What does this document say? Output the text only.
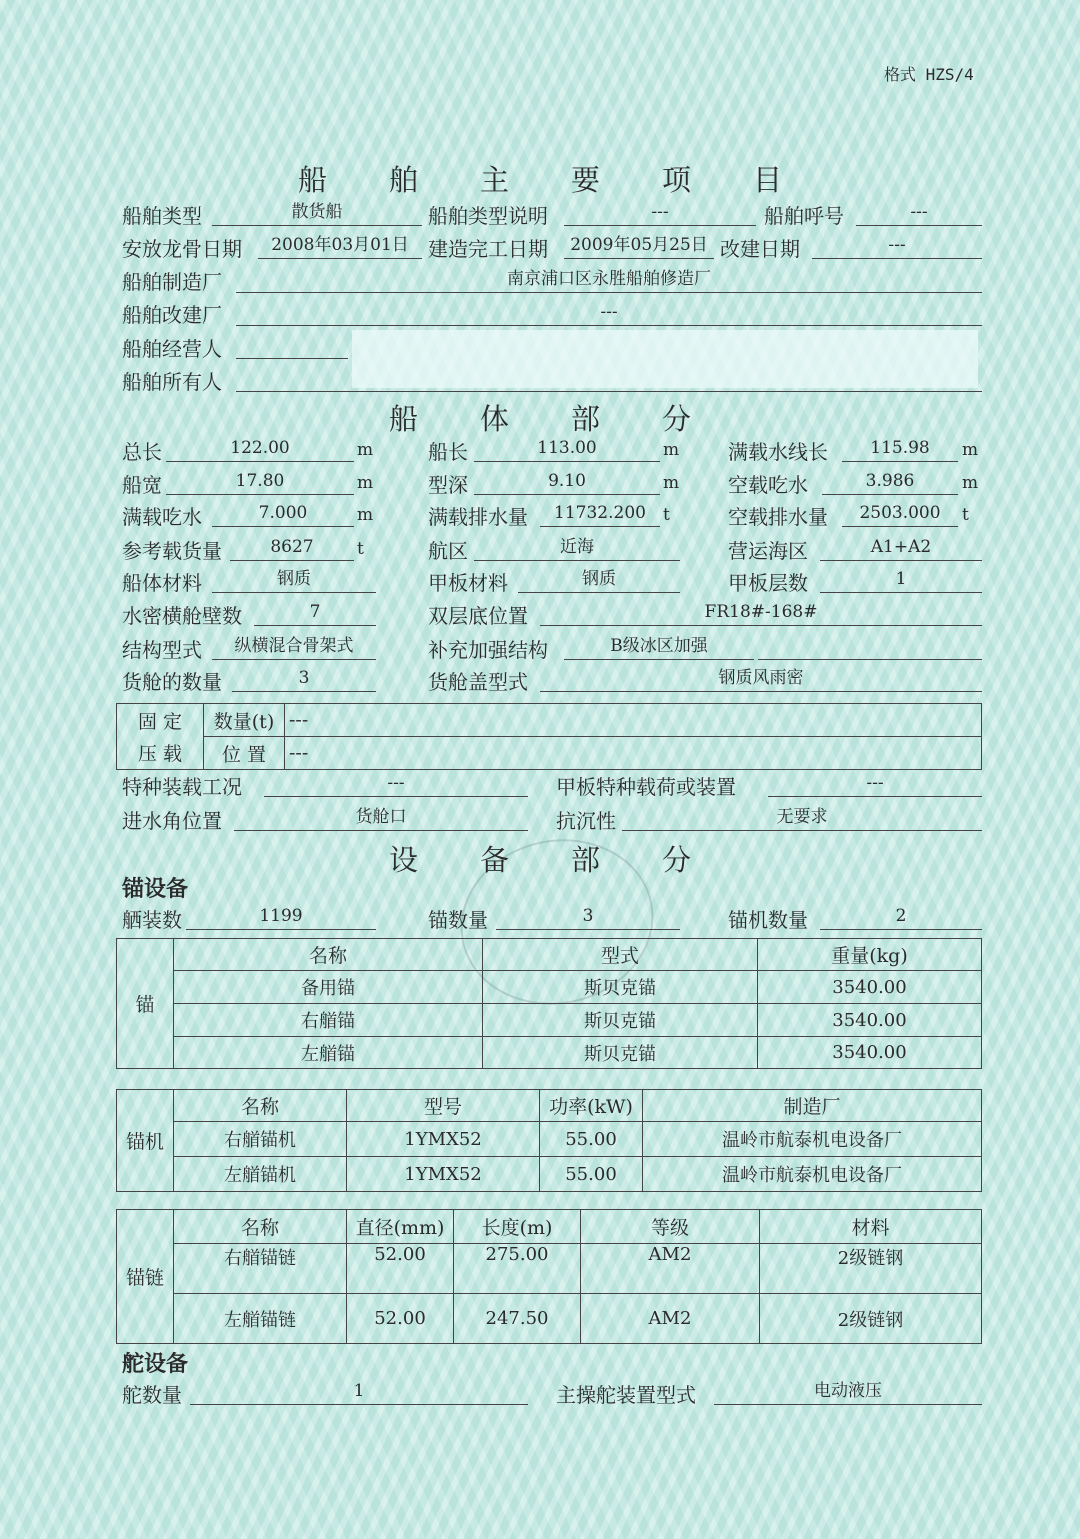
格式 HZS/4
船舶主要项目
船舶类型	散货船	船舶类型说明	---	船舶呼号	---
安放龙骨日期	2008年03月01日 建造完工日期	2009年05月25日 改建日期	---
船舶制造厂	南京浦口区永胜船舶修造厂
船舶改建厂	---
船舶经营人
船舶所有人
船体部分
总长	122.00	m	船长	113.00	m 满载水线长	115.98	m
船宽	17.80	m	型深	9.10	m 空载吃水	3.986	m
满载吃水	7.000	m	满载排水量	11732.200	t	空载排水量	2503.000	t
参考载货量	8627	t	航区	近海	营运海区	A1+A2
船体材料	钢质	甲板材料	钢质	甲板层数	1
水密横舱壁数	7	双层底位置	FR18#-168#
结构型式	纵横混合骨架式	补充加强结构	B级冰区加强
货舱的数量	3	货舱盖型式	钢质风雨密
固 定	数量(t)	---
压 载	位 置	---
特种装载工况	---	甲板特种载荷或装置	---
进水角位置	货舱口	抗沉性	无要求
设备部分
锚设备
舾装数	1199	锚数量	3	锚机数量	2
锚	名称	型式	重量(kg)
	备用锚	斯贝克锚	3540.00
	右艏锚	斯贝克锚	3540.00
	左艏锚	斯贝克锚	3540.00
锚机	名称	型号	功率(kW)	制造厂
	右艏锚机	1YMX52	55.00	温岭市航泰机电设备厂
	左艏锚机	1YMX52	55.00	温岭市航泰机电设备厂
锚链	名称	直径(mm)	长度(m)	等级	材料
	右艏锚链	52.00	275.00	AM2	2级链钢
	左艏锚链	52.00	247.50	AM2	2级链钢
舵设备
舵数量	1	主操舵装置型式	电动液压
